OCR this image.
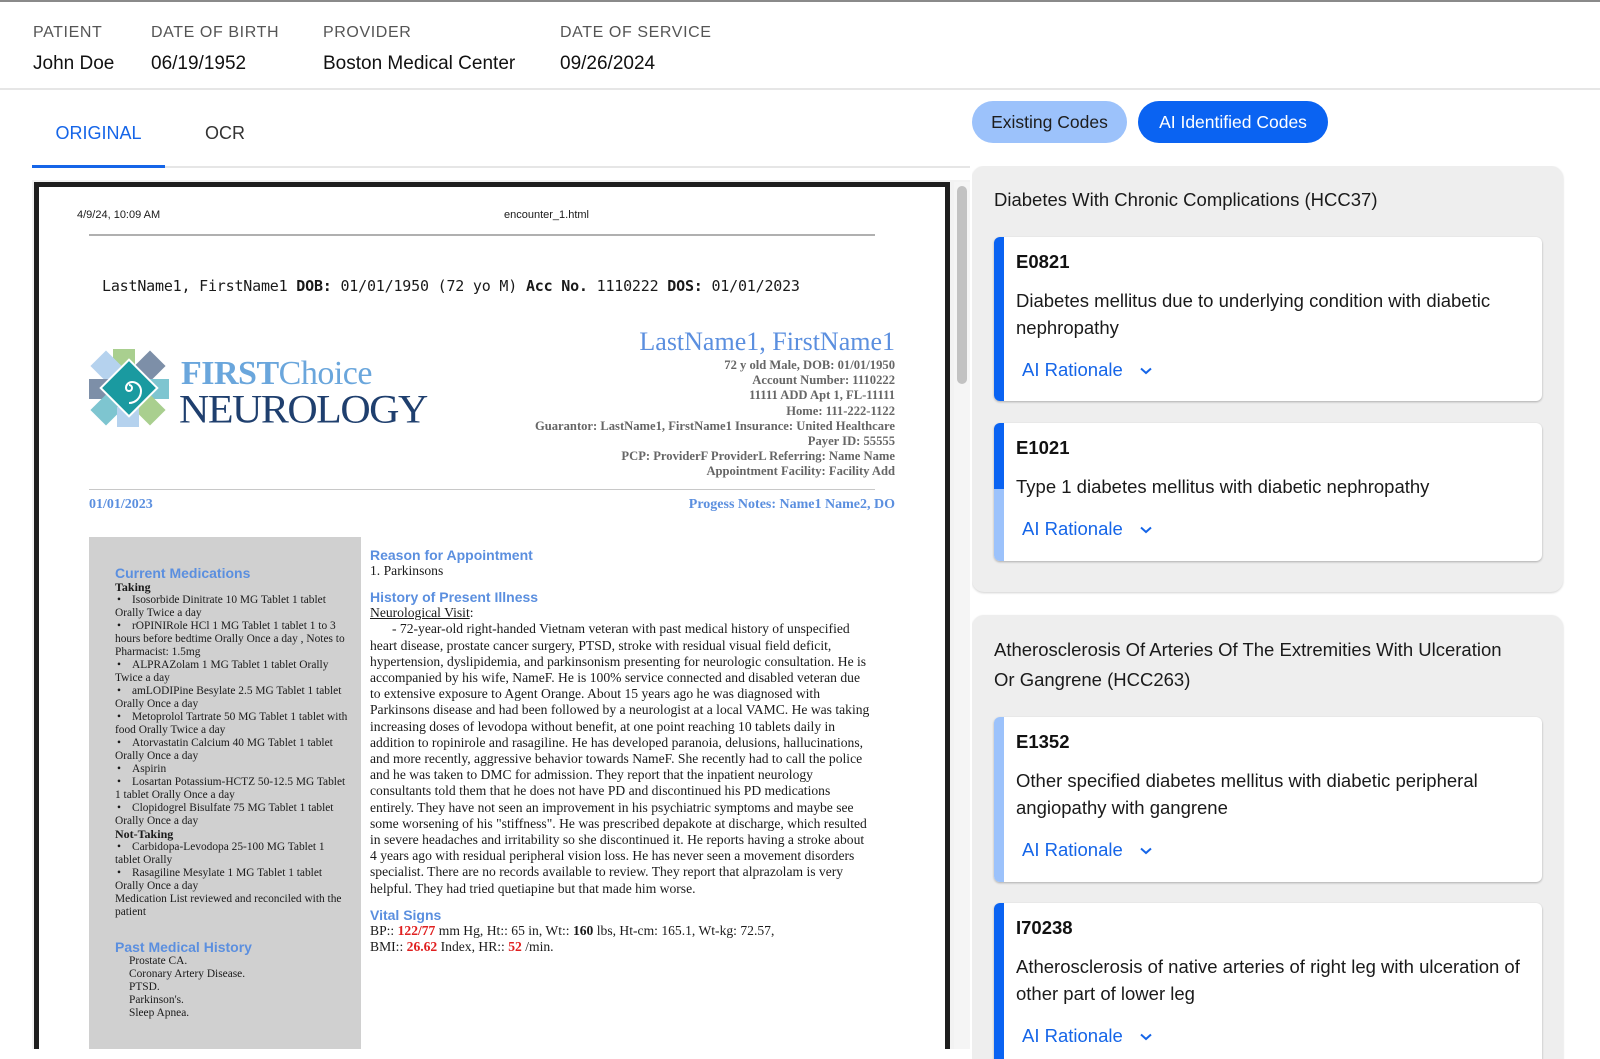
PATIENT
John Doe
DATE OF BIRTH
06/19/1952
PROVIDER
Boston Medical Center
DATE OF SERVICE
09/26/2024
ORIGINAL	OCR
4/9/24, 10:09 AM	encounter_1.html
LastName1, FirstName1 DOB: 01/01/1950 (72 yo M) Acc No. 1110222 DOS: 01/01/2023
FIRSTChoice
NEUROLOGY
LastName1, FirstName1
72 y old Male, DOB: 01/01/1950
Account Number: 1110222
11111 ADD Apt 1, FL-11111
Home: 111-222-1122
Guarantor: LastName1, FirstName1 Insurance: United Healthcare
Payer ID: 55555
PCP: ProviderF ProviderL Referring: Name Name
Appointment Facility: Facility Add
01/01/2023	Progess Notes: Name1 Name2, DO
Current Medications
Taking
• Isosorbide Dinitrate 10 MG Tablet 1 tablet Orally Twice a day
• rOPINIRole HCl 1 MG Tablet 1 tablet 1 to 3 hours before bedtime Orally Once a day , Notes to Pharmacist: 1.5mg
• ALPRAZolam 1 MG Tablet 1 tablet Orally Twice a day
• amLODIPine Besylate 2.5 MG Tablet 1 tablet Orally Once a day
• Metoprolol Tartrate 50 MG Tablet 1 tablet with food Orally Twice a day
• Atorvastatin Calcium 40 MG Tablet 1 tablet Orally Once a day
• Aspirin
• Losartan Potassium-HCTZ 50-12.5 MG Tablet 1 tablet Orally Once a day
• Clopidogrel Bisulfate 75 MG Tablet 1 tablet Orally Once a day
Not-Taking
• Carbidopa-Levodopa 25-100 MG Tablet 1 tablet Orally
• Rasagiline Mesylate 1 MG Tablet 1 tablet Orally Once a day
Medication List reviewed and reconciled with the patient
Past Medical History
Prostate CA.
Coronary Artery Disease.
PTSD.
Parkinson's.
Sleep Apnea.
Reason for Appointment

1. Parkinsons

History of Present Illness

Neurological Visit:

- 72-year-old right-handed Vietnam veteran with past medical history of unspecified heart disease, prostate cancer surgery, PTSD, stroke with residual visual field deficit, hypertension, dyslipidemia, and parkinsonism presenting for neurologic consultation. He is accompanied by his wife, NameF. He is 100% service connected and disabled veteran due to extensive exposure to Agent Orange. About 15 years ago he was diagnosed with Parkinsons disease and had been followed by a neurologist at a local VAMC. He was taking increasing doses of levodopa without benefit, at one point reaching 10 tablets daily in addition to ropinirole and rasagiline. He has developed paranoia, delusions, hallucinations, and more recently, aggressive behavior towards NameF. She recently had to call the police and he was taken to DMC for admission. They report that the inpatient neurology consultants told them that he does not have PD and discontinued his PD medications entirely. They have not seen an improvement in his psychiatric symptoms and maybe see some worsening of his "stiffness". He was prescribed depakote at discharge, which resulted in severe headaches and irritability so she discontinued it. He reports having a stroke about 4 years ago with residual peripheral vision loss. He has never seen a movement disorders specialist. There are no records available to review. They report that alprazolam is very helpful. They had tried quetiapine but that made him worse.

Vital Signs

BP:: 122/77 mm Hg, Ht:: 65 in, Wt:: 160 lbs, Ht-cm: 165.1, Wt-kg: 72.57,

BMI:: 26.62 Index, HR:: 52 /min.

Existing Codes	AI Identified Codes
Diabetes With Chronic Complications (HCC37)
E0821
Diabetes mellitus due to underlying condition with diabetic nephropathy
AI Rationale
E1021
Type 1 diabetes mellitus with diabetic nephropathy
AI Rationale
Atherosclerosis Of Arteries Of The Extremities With Ulceration Or Gangrene (HCC263)
E1352
Other specified diabetes mellitus with diabetic peripheral angiopathy with gangrene
AI Rationale
I70238
Atherosclerosis of native arteries of right leg with ulceration of other part of lower leg
AI Rationale
